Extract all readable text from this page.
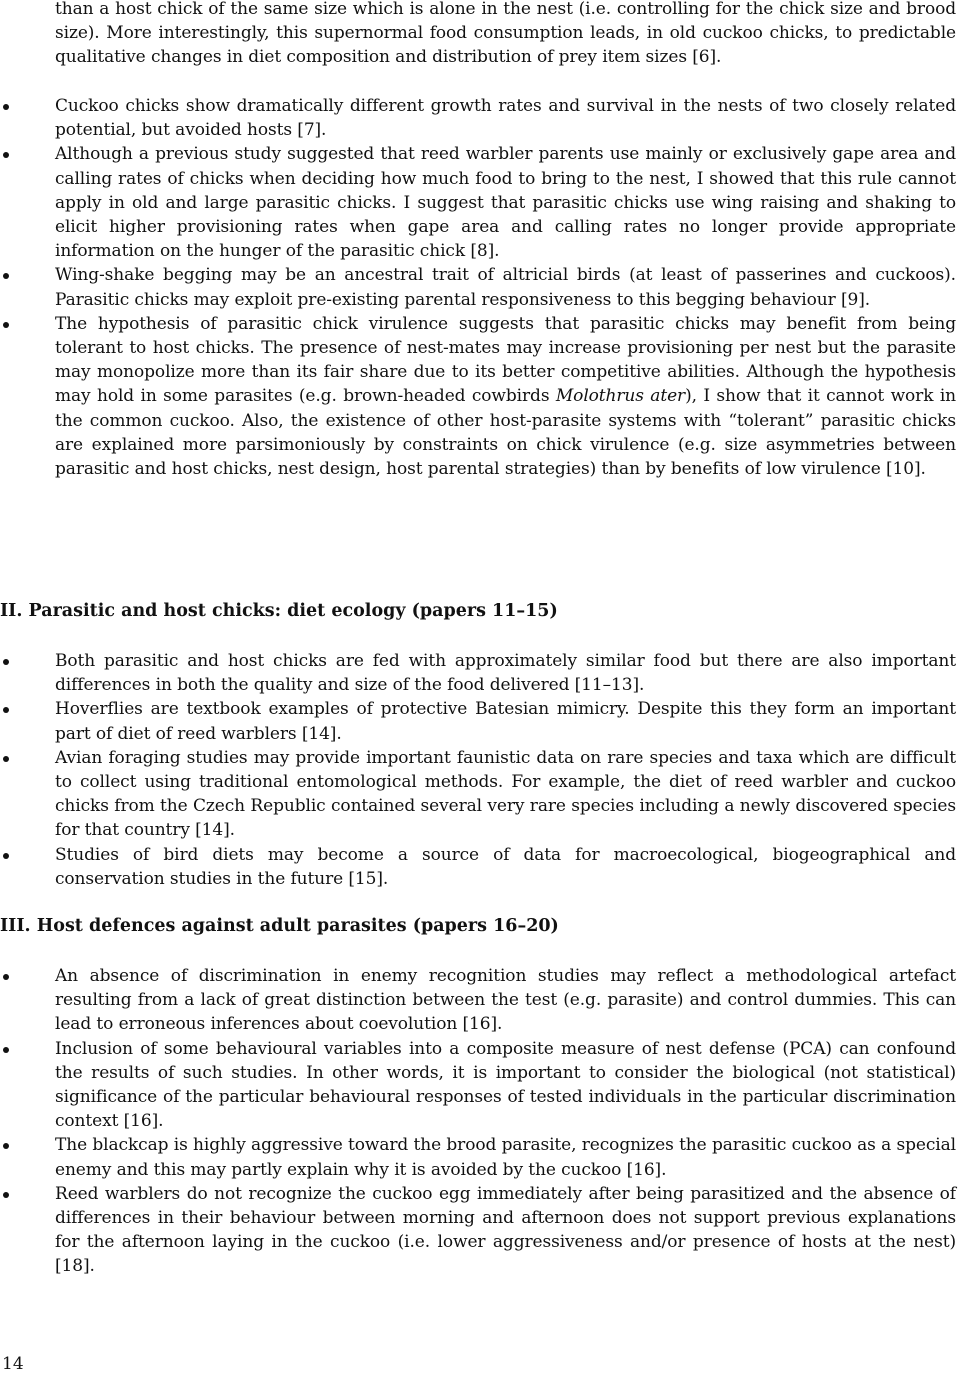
than a host chick of the same size which is alone in the nest (i.e. controlling for the chick size and brood size). More interestingly, this supernormal food consumption leads, in old cuckoo chicks, to predictable qualitative changes in diet composition and distribution of prey item sizes [6].

Cuckoo chicks show dramatically different growth rates and survival in the nests of two closely related potential, but avoided hosts [7].
Although a previous study suggested that reed warbler parents use mainly or exclusively gape area and calling rates of chicks when deciding how much food to bring to the nest, I showed that this rule cannot apply in old and large parasitic chicks. I suggest that parasitic chicks use wing raising and shaking to elicit higher provisioning rates when gape area and calling rates no longer provide appropriate information on the hunger of the parasitic chick [8].
Wing-shake begging may be an ancestral trait of altricial birds (at least of passerines and cuckoos). Parasitic chicks may exploit pre-existing parental responsiveness to this begging behaviour [9].
The hypothesis of parasitic chick virulence suggests that parasitic chicks may benefit from being tolerant to host chicks. The presence of nest-mates may increase provisioning per nest but the parasite may monopolize more than its fair share due to its better competitive abilities. Although the hypothesis may hold in some parasites (e.g. brown-headed cowbirds Molothrus ater), I show that it cannot work in the common cuckoo. Also, the existence of other host-parasite systems with “tolerant” parasitic chicks are explained more parsimoniously by constraints on chick virulence (e.g. size asymmetries between parasitic and host chicks, nest design, host parental strategies) than by benefits of low virulence [10].
II. Parasitic and host chicks: diet ecology (papers 11–15)
Both parasitic and host chicks are fed with approximately similar food but there are also important differences in both the quality and size of the food delivered [11–13].
Hoverflies are textbook examples of protective Batesian mimicry. Despite this they form an important part of diet of reed warblers [14].
Avian foraging studies may provide important faunistic data on rare species and taxa which are difficult to collect using traditional entomological methods. For example, the diet of reed warbler and cuckoo chicks from the Czech Republic contained several very rare species including a newly discovered species for that country [14].
Studies of bird diets may become a source of data for macroecological, biogeographical and conservation studies in the future [15].
III. Host defences against adult parasites (papers 16–20)
An absence of discrimination in enemy recognition studies may reflect a methodological artefact resulting from a lack of great distinction between the test (e.g. parasite) and control dummies. This can lead to erroneous inferences about coevolution [16].
Inclusion of some behavioural variables into a composite measure of nest defense (PCA) can confound the results of such studies. In other words, it is important to consider the biological (not statistical) significance of the particular behavioural responses of tested individuals in the particular discrimination context [16].
The blackcap is highly aggressive toward the brood parasite, recognizes the parasitic cuckoo as a special enemy and this may partly explain why it is avoided by the cuckoo [16].
Reed warblers do not recognize the cuckoo egg immediately after being parasitized and the absence of differences in their behaviour between morning and afternoon does not support previous explanations for the afternoon laying in the cuckoo (i.e. lower aggressiveness and/or presence of hosts at the nest) [18].
14
